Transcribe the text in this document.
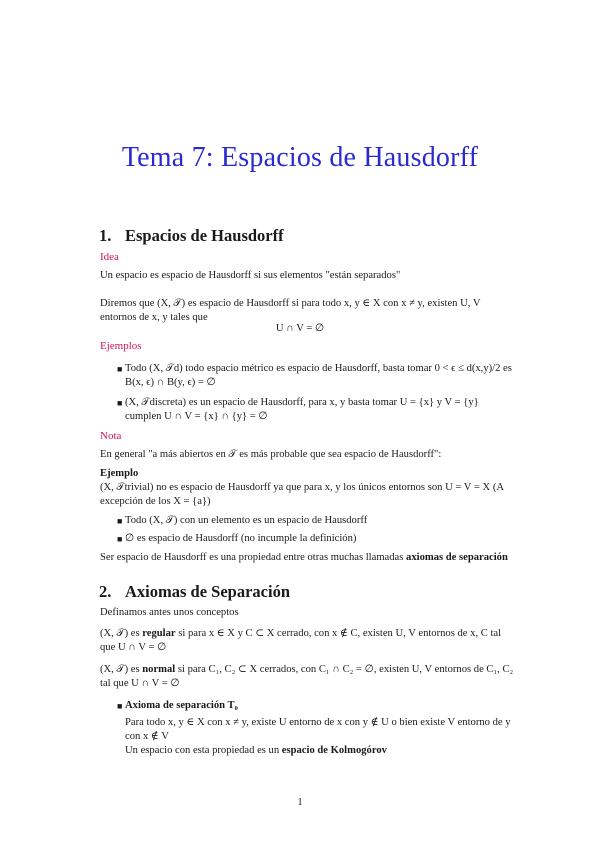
Tema 7: Espacios de Hausdorff
1. Espacios de Hausdorff
Idea
Un espacio es espacio de Hausdorff si sus elementos "están separados"
Diremos que (X, 𝒯) es espacio de Hausdorff si para todo x, y ∈ X con x ≠ y, existen U, V
entornos de x, y tales que
U ∩ V = ∅
Ejemplos
■ Todo (X, 𝒯d) todo espacio métrico es espacio de Hausdorff, basta tomar 0 < ϵ ≤ d(x,y)/2 es
B(x, ϵ) ∩ B(y, ϵ) = ∅
■ (X, 𝒯discreta) es un espacio de Hausdorff, para x, y basta tomar U = {x} y V = {y}
cumplen U ∩ V = {x} ∩ {y} = ∅
Nota
En general "a más abiertos en 𝒯 es más probable que sea espacio de Hausdorff":
Ejemplo
(X, 𝒯trivial) no es espacio de Hausdorff ya que para x, y los únicos entornos son U = V = X (A
excepción de los X = {a})
■ Todo (X, 𝒯) con un elemento es un espacio de Hausdorff
■ ∅ es espacio de Hausdorff (no incumple la definición)
Ser espacio de Hausdorff es una propiedad entre otras muchas llamadas axiomas de separación
2. Axiomas de Separación
Definamos antes unos conceptos
(X, 𝒯) es regular si para x ∈ X y C ⊂ X cerrado, con x ∉ C, existen U, V entornos de x, C tal
que U ∩ V = ∅
(X, 𝒯) es normal si para C₁, C₂ ⊂ X cerrados, con C₁ ∩ C₂ = ∅, existen U, V entornos de C₁, C₂
tal que U ∩ V = ∅
■ Axioma de separación T₀
Para todo x, y ∈ X con x ≠ y, existe U entorno de x con y ∉ U o bien existe V entorno de y
con x ∉ V
Un espacio con esta propiedad es un espacio de Kolmogórov
1
